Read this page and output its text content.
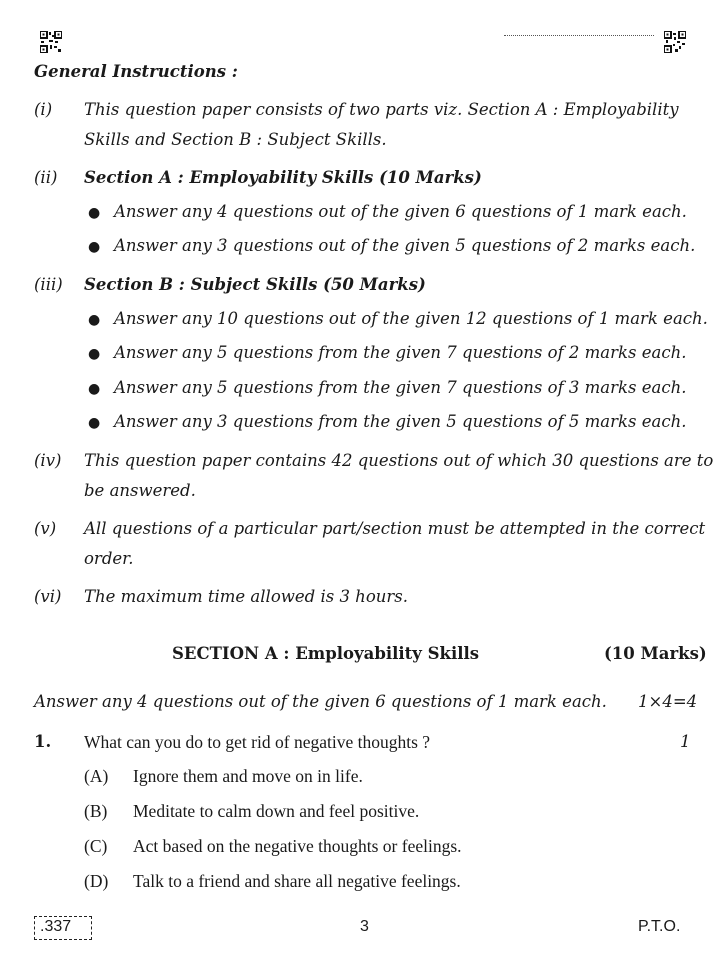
General Instructions :
(i) This question paper consists of two parts viz. Section A : Employability
Skills and Section B : Subject Skills.
(ii) Section A : Employability Skills (10 Marks)
● Answer any 4 questions out of the given 6 questions of 1 mark each.
● Answer any 3 questions out of the given 5 questions of 2 marks each.
(iii) Section B : Subject Skills (50 Marks)
● Answer any 10 questions out of the given 12 questions of 1 mark each.
● Answer any 5 questions from the given 7 questions of 2 marks each.
● Answer any 5 questions from the given 7 questions of 3 marks each.
● Answer any 3 questions from the given 5 questions of 5 marks each.
(iv) This question paper contains 42 questions out of which 30 questions are to
be answered.
(v) All questions of a particular part/section must be attempted in the correct
order.
(vi) The maximum time allowed is 3 hours.
SECTION A : Employability Skills	(10 Marks)
Answer any 4 questions out of the given 6 questions of 1 mark each. 1×4=4
1. What can you do to get rid of negative thoughts ?	1
(A) Ignore them and move on in life.
(B) Meditate to calm down and feel positive.
(C) Act based on the negative thoughts or feelings.
(D) Talk to a friend and share all negative feelings.
.337	3	P.T.O.
